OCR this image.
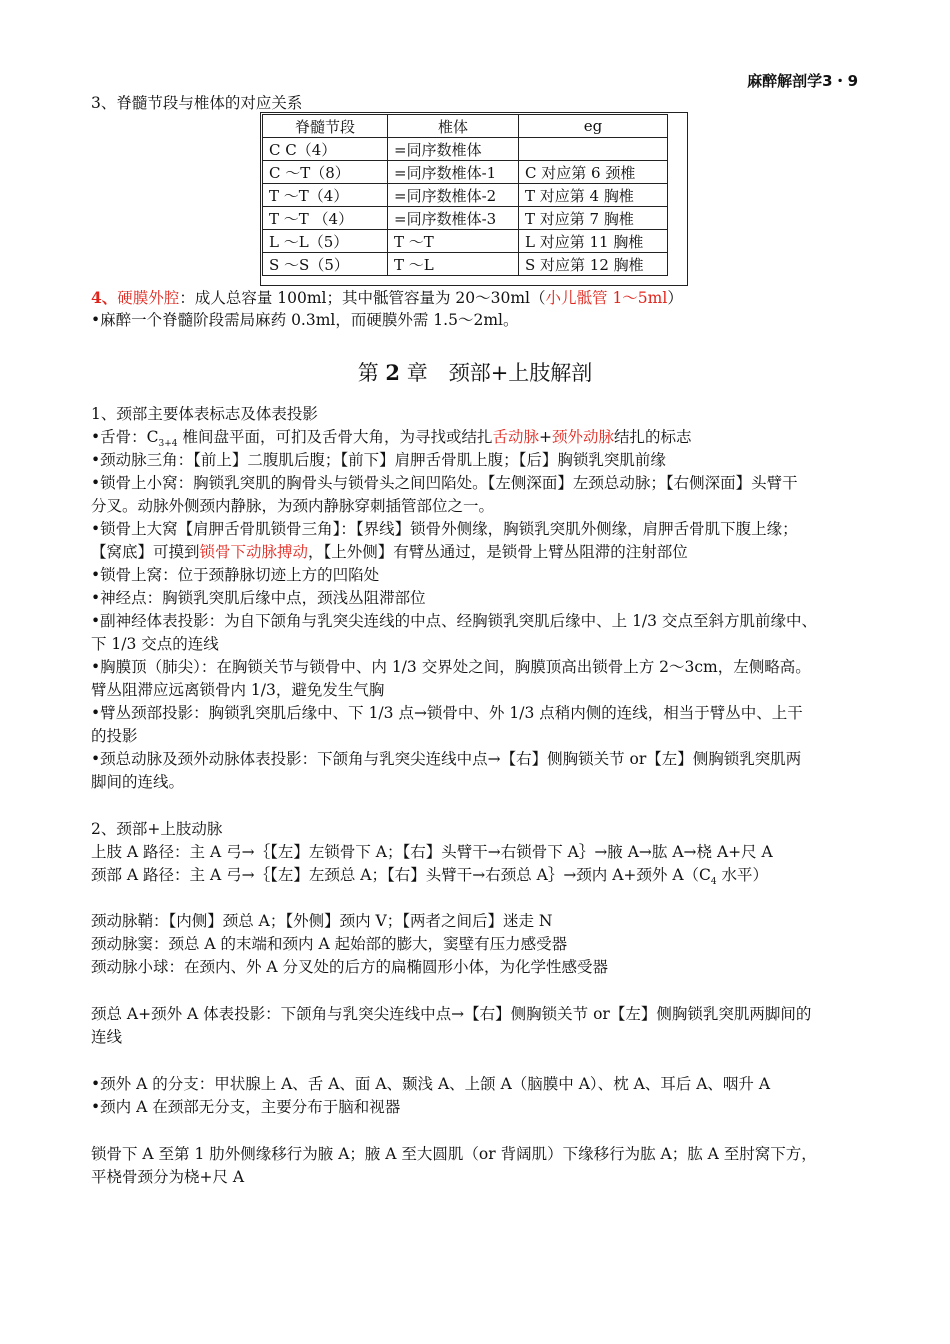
麻醉解剖学3・9
3、脊髓节段与椎体的对应关系
脊髓节段	椎体	eg
C C（4）	=同序数椎体	
C ～T（8）	=同序数椎体-1	C 对应第 6 颈椎
T ～T（4）	=同序数椎体-2	T 对应第 4 胸椎
T ～T （4）	=同序数椎体-3	T 对应第 7 胸椎
L ～L（5）	T ～T	L 对应第 11 胸椎
S ～S（5）	T ～L	S 对应第 12 胸椎
4、硬膜外腔：成人总容量 100ml；其中骶管容量为 20～30ml（小儿骶管 1～5ml）
•麻醉一个脊髓阶段需局麻药 0.3ml，而硬膜外需 1.5～2ml。
第 2 章　颈部+上肢解剖
1、颈部主要体表标志及体表投影
•舌骨：$C_{3+4}$ 椎间盘平面，可扪及舌骨大角，为寻找或结扎舌动脉+颈外动脉结扎的标志
•颈动脉三角：【前上】二腹肌后腹；【前下】肩胛舌骨肌上腹；【后】胸锁乳突肌前缘
•锁骨上小窝：胸锁乳突肌的胸骨头与锁骨头之间凹陷处。【左侧深面】左颈总动脉；【右侧深面】头臂干
分叉。动脉外侧颈内静脉，为颈内静脉穿刺插管部位之一。
•锁骨上大窝【肩胛舌骨肌锁骨三角】：【界线】锁骨外侧缘，胸锁乳突肌外侧缘，肩胛舌骨肌下腹上缘；
【窝底】可摸到锁骨下动脉搏动，【上外侧】有臂丛通过，是锁骨上臂丛阻滞的注射部位
•锁骨上窝：位于颈静脉切迹上方的凹陷处
•神经点：胸锁乳突肌后缘中点，颈浅丛阻滞部位
•副神经体表投影：为自下颌角与乳突尖连线的中点、经胸锁乳突肌后缘中、上 1/3 交点至斜方肌前缘中、
下 1/3 交点的连线
•胸膜顶（肺尖）：在胸锁关节与锁骨中、内 1/3 交界处之间，胸膜顶高出锁骨上方 2～3cm，左侧略高。
臂丛阻滞应远离锁骨内 1/3，避免发生气胸
•臂丛颈部投影：胸锁乳突肌后缘中、下 1/3 点→锁骨中、外 1/3 点稍内侧的连线，相当于臂丛中、上干
的投影
•颈总动脉及颈外动脉体表投影：下颌角与乳突尖连线中点→【右】侧胸锁关节 or【左】侧胸锁乳突肌两
脚间的连线。
2、颈部+上肢动脉
上肢 A 路径：主 A 弓→｛【左】左锁骨下 A；【右】头臂干→右锁骨下 A｝→腋 A→肱 A→桡 A+尺 A
颈部 A 路径：主 A 弓→｛【左】左颈总 A；【右】头臂干→右颈总 A｝→颈内 A+颈外 $A(C_4$ 水平）
颈动脉鞘：【内侧】颈总 A；【外侧】颈内 V；【两者之间后】迷走 N
颈动脉窦：颈总 A 的末端和颈内 A 起始部的膨大，窦壁有压力感受器
颈动脉小球：在颈内、外 A 分叉处的后方的扁椭圆形小体，为化学性感受器
颈总 A+颈外 A 体表投影：下颌角与乳突尖连线中点→【右】侧胸锁关节 or【左】侧胸锁乳突肌两脚间的
连线
•颈外 A 的分支：甲状腺上 A、舌 A、面 A、颞浅 A、上颌 A（脑膜中 A）、枕 A、耳后 A、咽升 A
•颈内 A 在颈部无分支，主要分布于脑和视器
锁骨下 A 至第 1 肋外侧缘移行为腋 A；腋 A 至大圆肌（or 背阔肌）下缘移行为肱 A；肱 A 至肘窝下方，
平桡骨颈分为桡+尺 A
